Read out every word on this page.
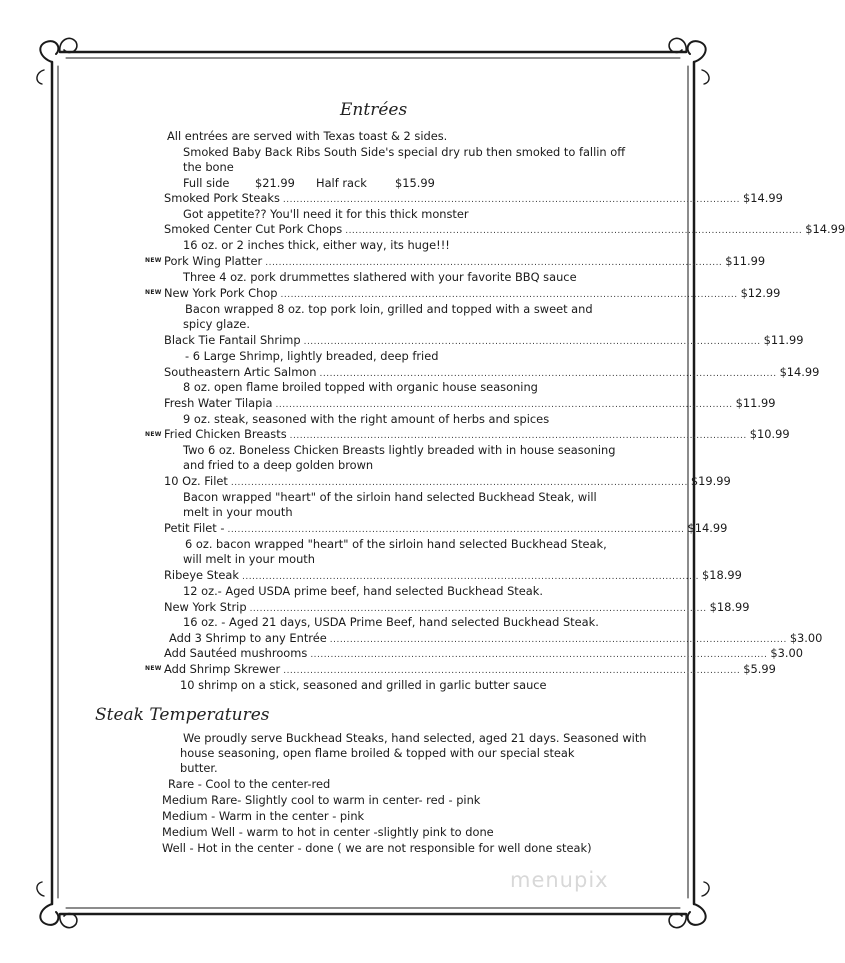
Entrées
All entrées are served with Texas toast & 2 sides.
Smoked Baby Back Ribs South Side's special dry rub then smoked to fallin off
the bone
Full side $21.99 Half rack $15.99
Smoked Pork Steaks ........................................................................................................................................ $14.99
Got appetite?? You'll need it for this thick monster
Smoked Center Cut Pork Chops ........................................................................................................................................ $14.99
16 oz. or 2 inches thick, either way, its huge!!!
NEW Pork Wing Platter ........................................................................................................................................ $11.99
Three 4 oz. pork drummettes slathered with your favorite BBQ sauce
NEW New York Pork Chop ........................................................................................................................................ $12.99
Bacon wrapped 8 oz. top pork loin, grilled and topped with a sweet and
spicy glaze.
Black Tie Fantail Shrimp ........................................................................................................................................ $11.99
- 6 Large Shrimp, lightly breaded, deep fried
Southeastern Artic Salmon ........................................................................................................................................ $14.99
8 oz. open flame broiled topped with organic house seasoning
Fresh Water Tilapia ........................................................................................................................................ $11.99
9 oz. steak, seasoned with the right amount of herbs and spices
NEW Fried Chicken Breasts ........................................................................................................................................ $10.99
Two 6 oz. Boneless Chicken Breasts lightly breaded with in house seasoning
and fried to a deep golden brown
10 Oz. Filet ........................................................................................................................................ $19.99
Bacon wrapped "heart" of the sirloin hand selected Buckhead Steak, will
melt in your mouth
Petit Filet - ........................................................................................................................................ $14.99
6 oz. bacon wrapped "heart" of the sirloin hand selected Buckhead Steak,
will melt in your mouth
Ribeye Steak ........................................................................................................................................ $18.99
12 oz.- Aged USDA prime beef, hand selected Buckhead Steak.
New York Strip ........................................................................................................................................ $18.99
16 oz. - Aged 21 days, USDA Prime Beef, hand selected Buckhead Steak.
Add 3 Shrimp to any Entrée ........................................................................................................................................ $3.00
Add Sautéed mushrooms ........................................................................................................................................ $3.00
NEW Add Shrimp Skrewer ........................................................................................................................................ $5.99
10 shrimp on a stick, seasoned and grilled in garlic butter sauce
Steak Temperatures
We proudly serve Buckhead Steaks, hand selected, aged 21 days. Seasoned with
house seasoning, open flame broiled & topped with our special steak
butter.
Rare - Cool to the center-red
Medium Rare- Slightly cool to warm in center- red - pink
Medium - Warm in the center - pink
Medium Well - warm to hot in center -slightly pink to done
Well - Hot in the center - done ( we are not responsible for well done steak)
menupix
